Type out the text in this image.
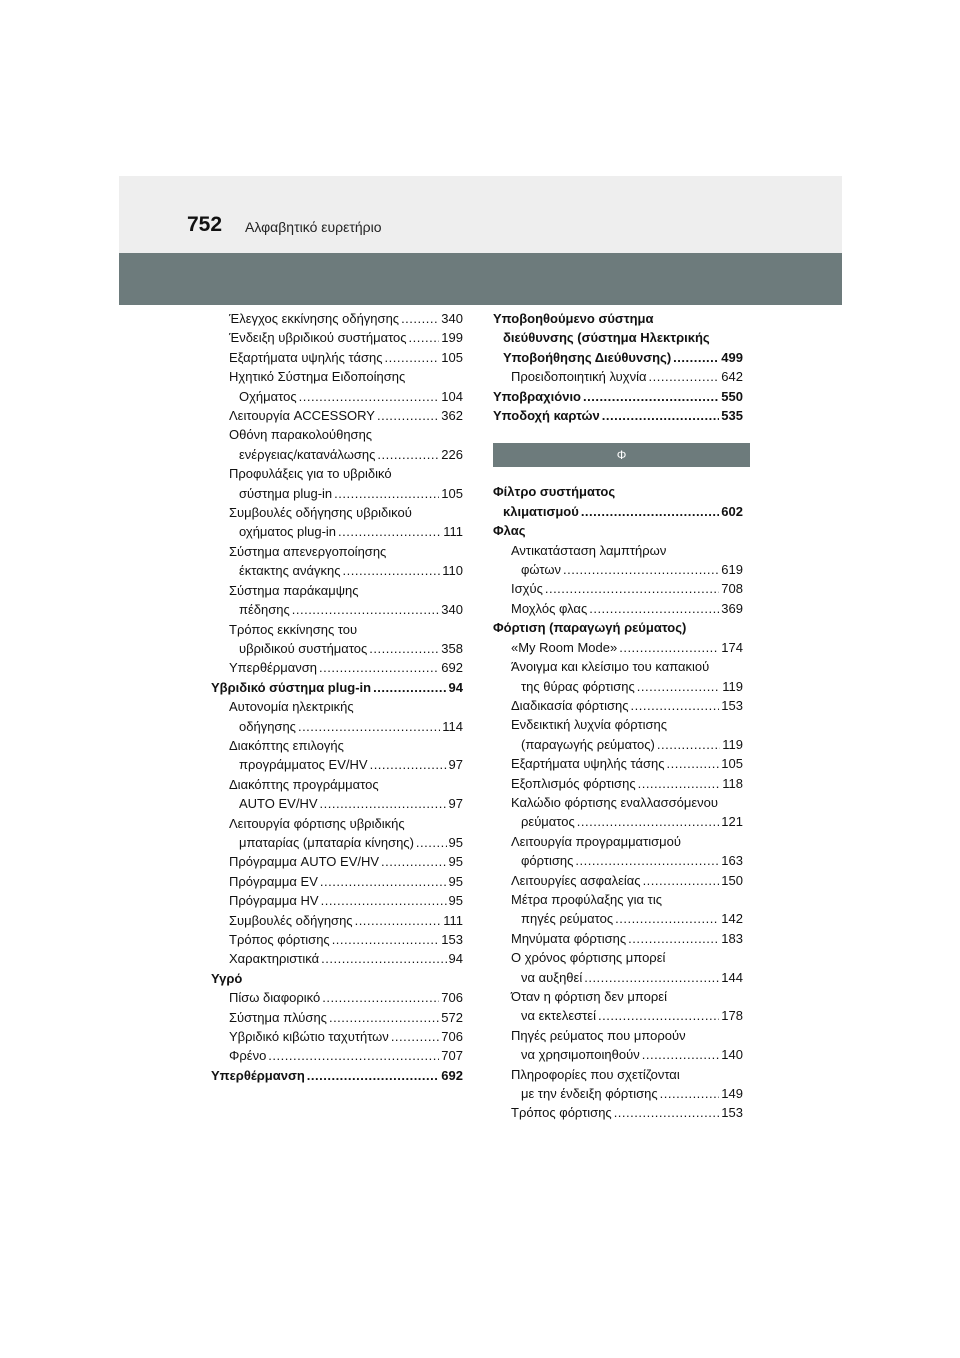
752 Αλφαβητικό ευρετήριο
Έλεγχος εκκίνησης οδήγησης .....	340
Ένδειξη υβριδικού συστήματος .....	199
Εξαρτήματα υψηλής τάσης .....	105
Ηχητικό Σύστημα Ειδοποίησης
Οχήματος .....	104
Λειτουργία ACCESSORY .....	362
Οθόνη παρακολούθησης
ενέργειας/κατανάλωσης .....	226
Προφυλάξεις για το υβριδικό
σύστημα plug-in .....	105
Συμβουλές οδήγησης υβριδικού
οχήματος plug-in .....	111
Σύστημα απενεργοποίησης
έκτακτης ανάγκης .....	110
Σύστημα παράκαμψης
πέδησης .....	340
Τρόπος εκκίνησης του
υβριδικού συστήματος .....	358
Υπερθέρμανση .....	692
Υβριδικό σύστημα plug-in .....	94
Αυτονομία ηλεκτρικής
οδήγησης .....	114
Διακόπτης επιλογής
προγράμματος EV/HV .....	97
Διακόπτης προγράμματος
AUTO EV/HV .....	97
Λειτουργία φόρτισης υβριδικής
μπαταρίας (μπαταρία κίνησης) .....	95
Πρόγραμμα AUTO EV/HV .....	95
Πρόγραμμα EV .....	95
Πρόγραμμα HV .....	95
Συμβουλές οδήγησης .....	111
Τρόπος φόρτισης .....	153
Χαρακτηριστικά .....	94
Υγρό
Πίσω διαφορικό .....	706
Σύστημα πλύσης .....	572
Υβριδικό κιβώτιο ταχυτήτων .....	706
Φρένο .....	707
Υπερθέρμανση .....	692
Υποβοηθούμενο σύστημα
διεύθυνσης (σύστημα Ηλεκτρικής
Υποβοήθησης Διεύθυνσης) .....	499
Προειδοποιητική λυχνία .....	642
Υποβραχιόνιο .....	550
Υποδοχή καρτών .....	535
Φ
Φίλτρο συστήματος
κλιματισμού .....	602
Φλας
Αντικατάσταση λαμπτήρων
φώτων .....	619
Ισχύς .....	708
Μοχλός φλας .....	369
Φόρτιση (παραγωγή ρεύματος)
«My Room Mode» .....	174
Άνοιγμα και κλείσιμο του καπακιού
της θύρας φόρτισης .....	119
Διαδικασία φόρτισης .....	153
Ενδεικτική λυχνία φόρτισης
(παραγωγής ρεύματος) .....	119
Εξαρτήματα υψηλής τάσης .....	105
Εξοπλισμός φόρτισης .....	118
Καλώδιο φόρτισης εναλλασσόμενου
ρεύματος .....	121
Λειτουργία προγραμματισμού
φόρτισης .....	163
Λειτουργίες ασφαλείας .....	150
Μέτρα προφύλαξης για τις
πηγές ρεύματος .....	142
Μηνύματα φόρτισης .....	183
Ο χρόνος φόρτισης μπορεί
να αυξηθεί .....	144
Όταν η φόρτιση δεν μπορεί
να εκτελεστεί .....	178
Πηγές ρεύματος που μπορούν
να χρησιμοποιηθούν .....	140
Πληροφορίες που σχετίζονται
με την ένδειξη φόρτισης .....	149
Τρόπος φόρτισης .....	153
